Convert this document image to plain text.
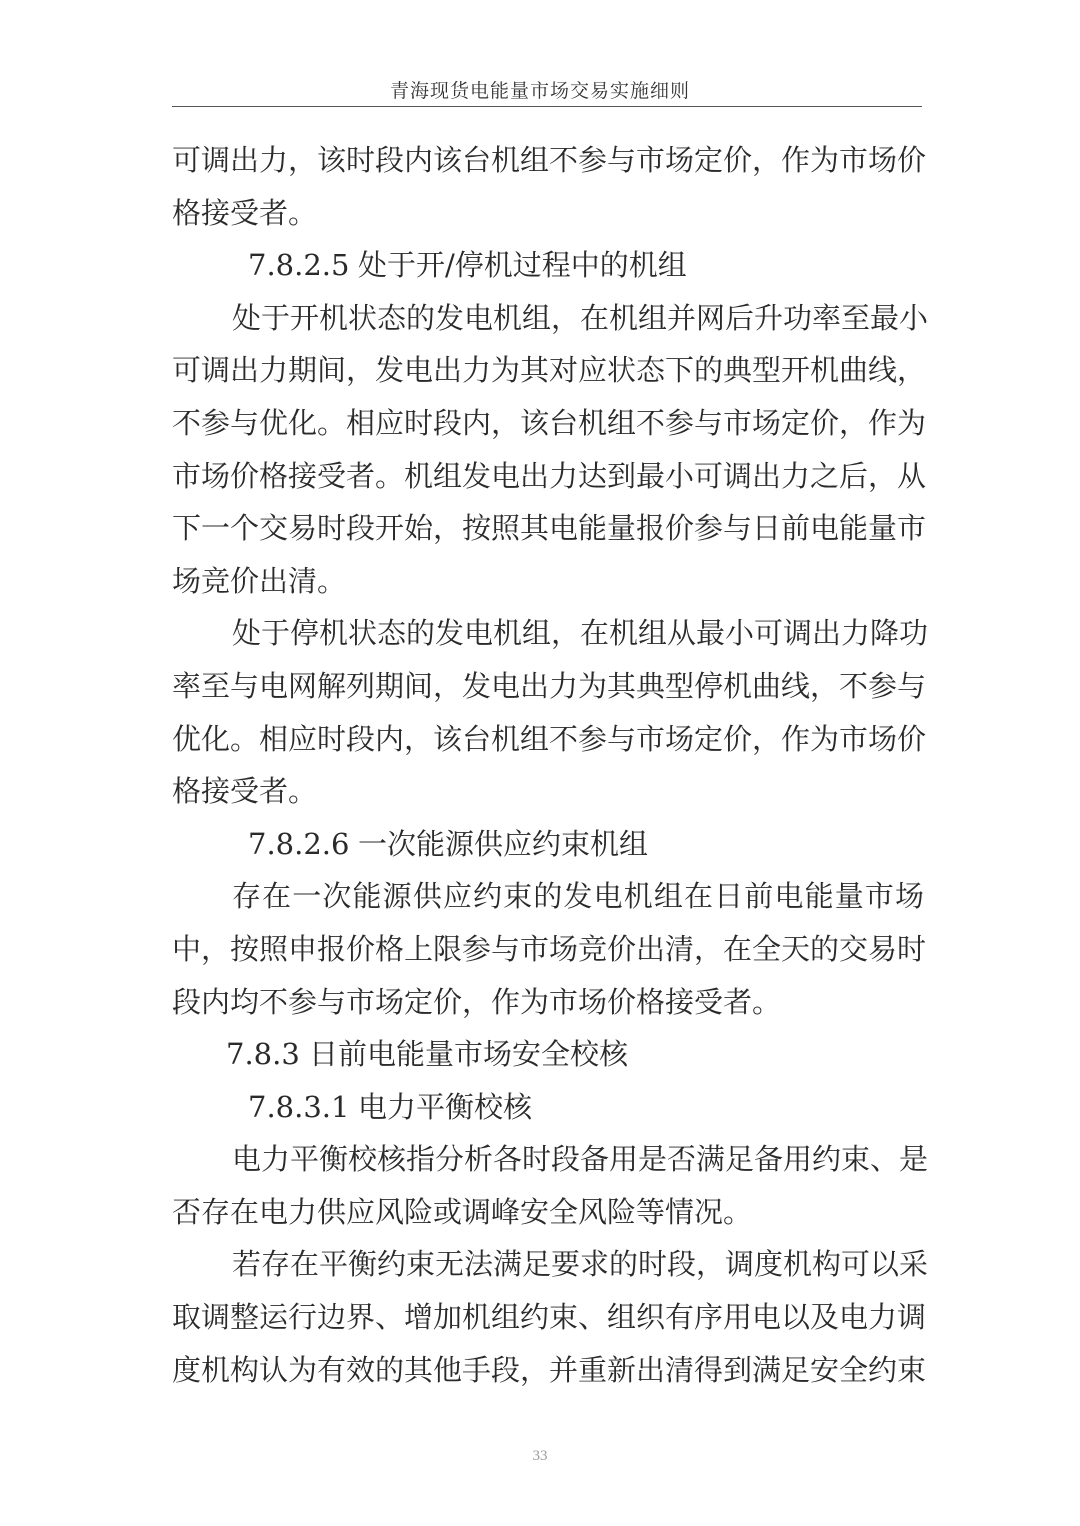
青海现货电能量市场交易实施细则
可调出力，该时段内该台机组不参与市场定价，作为市场价
格接受者。
7.8.2.5 处于开/停机过程中的机组
处于开机状态的发电机组，在机组并网后升功率至最小
可调出力期间，发电出力为其对应状态下的典型开机曲线，
不参与优化。相应时段内，该台机组不参与市场定价，作为
市场价格接受者。机组发电出力达到最小可调出力之后，从
下一个交易时段开始，按照其电能量报价参与日前电能量市
场竞价出清。
处于停机状态的发电机组，在机组从最小可调出力降功
率至与电网解列期间，发电出力为其典型停机曲线，不参与
优化。相应时段内，该台机组不参与市场定价，作为市场价
格接受者。
7.8.2.6 一次能源供应约束机组
存在一次能源供应约束的发电机组在日前电能量市场
中，按照申报价格上限参与市场竞价出清，在全天的交易时
段内均不参与市场定价，作为市场价格接受者。
7.8.3 日前电能量市场安全校核
7.8.3.1 电力平衡校核
电力平衡校核指分析各时段备用是否满足备用约束、是
否存在电力供应风险或调峰安全风险等情况。
若存在平衡约束无法满足要求的时段，调度机构可以采
取调整运行边界、增加机组约束、组织有序用电以及电力调
度机构认为有效的其他手段，并重新出清得到满足安全约束
33
